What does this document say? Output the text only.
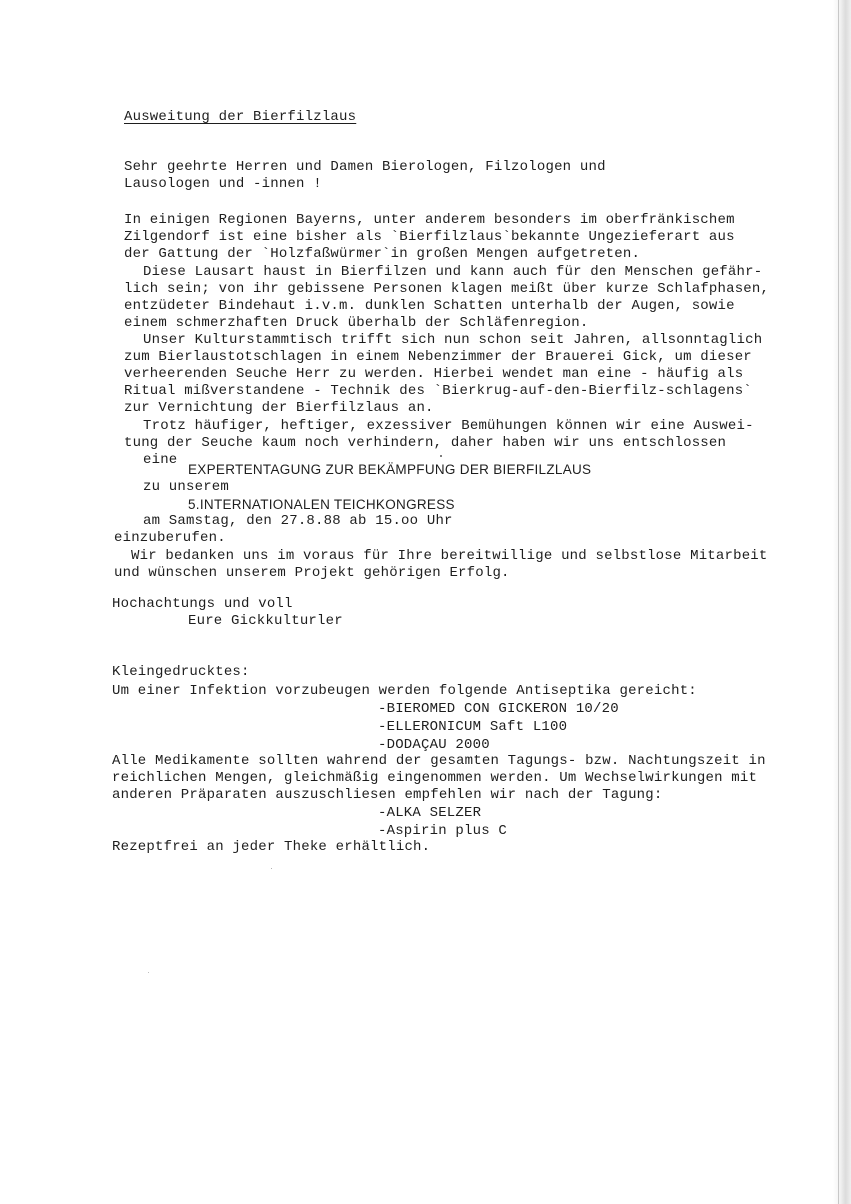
Ausweitung der Bierfilzlaus
Sehr geehrte Herren und Damen Bierologen, Filzologen und
Lausologen und -innen !
In einigen Regionen Bayerns, unter anderem besonders im oberfränkischem
Zilgendorf ist eine bisher als `Bierfilzlaus`bekannte Ungezieferart aus
der Gattung der `Holzfaßwürmer`in großen Mengen aufgetreten.
Diese Lausart haust in Bierfilzen und kann auch für den Menschen gefähr-
lich sein; von ihr gebissene Personen klagen meißt über kurze Schlafphasen,
entzüdeter Bindehaut i.v.m. dunklen Schatten unterhalb der Augen, sowie
einem schmerzhaften Druck überhalb der Schläfenregion.
Unser Kulturstammtisch trifft sich nun schon seit Jahren, allsonntaglich
zum Bierlaustotschlagen in einem Nebenzimmer der Brauerei Gick, um dieser
verheerenden Seuche Herr zu werden. Hierbei wendet man eine - häufig als
Ritual mißverstandene - Technik des `Bierkrug-auf-den-Bierfilz-schlagens`
zur Vernichtung der Bierfilzlaus an.
Trotz häufiger, heftiger, exzessiver Bemühungen können wir eine Auswei-
tung der Seuche kaum noch verhindern, daher haben wir uns entschlossen
eine
EXPERTENTAGUNG ZUR BEKÄMPFUNG DER BIERFILZLAUS
zu unserem
5.INTERNATIONALEN TEICHKONGRESS
am Samstag, den 27.8.88 ab 15.oo Uhr
einzuberufen.
Wir bedanken uns im voraus für Ihre bereitwillige und selbstlose Mitarbeit
und wünschen unserem Projekt gehörigen Erfolg.
Hochachtungs und voll
Eure Gickkulturler
Kleingedrucktes:
Um einer Infektion vorzubeugen werden folgende Antiseptika gereicht:
-BIEROMED CON GICKERON 10/20
-ELLERONICUM Saft L100
-DODAÇAU 2000
Alle Medikamente sollten wahrend der gesamten Tagungs- bzw. Nachtungszeit in
reichlichen Mengen, gleichmäßig eingenommen werden. Um Wechselwirkungen mit
anderen Präparaten auszuschliesen empfehlen wir nach der Tagung:
-ALKA SELZER
-Aspirin plus C
Rezeptfrei an jeder Theke erhältlich.
